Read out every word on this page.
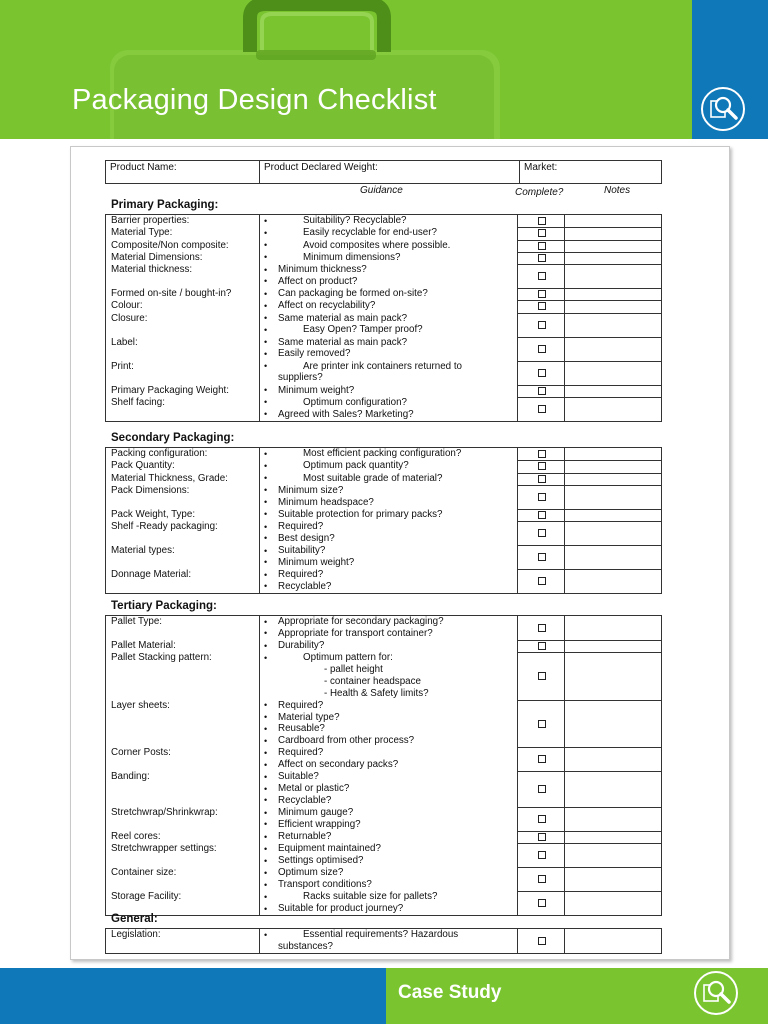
Packaging Design Checklist
Product Name:	Product Declared Weight:	Market:
Guidance	Complete?	Notes
Primary Packaging:
Barrier properties:	•	Suitability? Recyclable?
Material Type:	•	Easily recyclable for end-user?
Composite/Non composite:	•	Avoid composites where possible.
Material Dimensions:	•	Minimum dimensions?
Material thickness:	• Minimum thickness?
• Affect on product?
Formed on-site / bought-in?	• Can packaging be formed on-site?
Colour:	• Affect on recyclability?
Closure:	• Same material as main pack?
•	Easy Open? Tamper proof?
Label:	• Same material as main pack?
• Easily removed?
Print:	•	Are printer ink containers returned to
suppliers?
Primary Packaging Weight:	• Minimum weight?
Shelf facing:	•	Optimum configuration?
• Agreed with Sales? Marketing?
Secondary Packaging:
Packing configuration:	•	Most efficient packing configuration?
Pack Quantity:	•	Optimum pack quantity?
Material Thickness, Grade:	•	Most suitable grade of material?
Pack Dimensions:	• Minimum size?
• Minimum headspace?
Pack Weight, Type:	• Suitable protection for primary packs?
Shelf -Ready packaging:	• Required?
• Best design?
Material types:	• Suitability?
• Minimum weight?
Donnage Material:	• Required?
• Recyclable?
Tertiary Packaging:
Pallet Type:	• Appropriate for secondary packaging?
• Appropriate for transport container?
Pallet Material:	• Durability?
Pallet Stacking pattern:	•	Optimum pattern for:
- pallet height
- container headspace
- Health & Safety limits?
Layer sheets:	• Required?
• Material type?
• Reusable?
• Cardboard from other process?
Corner Posts:	• Required?
• Affect on secondary packs?
Banding:	• Suitable?
• Metal or plastic?
• Recyclable?
Stretchwrap/Shrinkwrap:	• Minimum gauge?
• Efficient wrapping?
Reel cores:	• Returnable?
Stretchwrapper settings:	• Equipment maintained?
• Settings optimised?
Container size:	• Optimum size?
• Transport conditions?
Storage Facility:	•	Racks suitable size for pallets?
• Suitable for product journey?
General:
Legislation:	•	Essential requirements? Hazardous
substances?
Case Study
